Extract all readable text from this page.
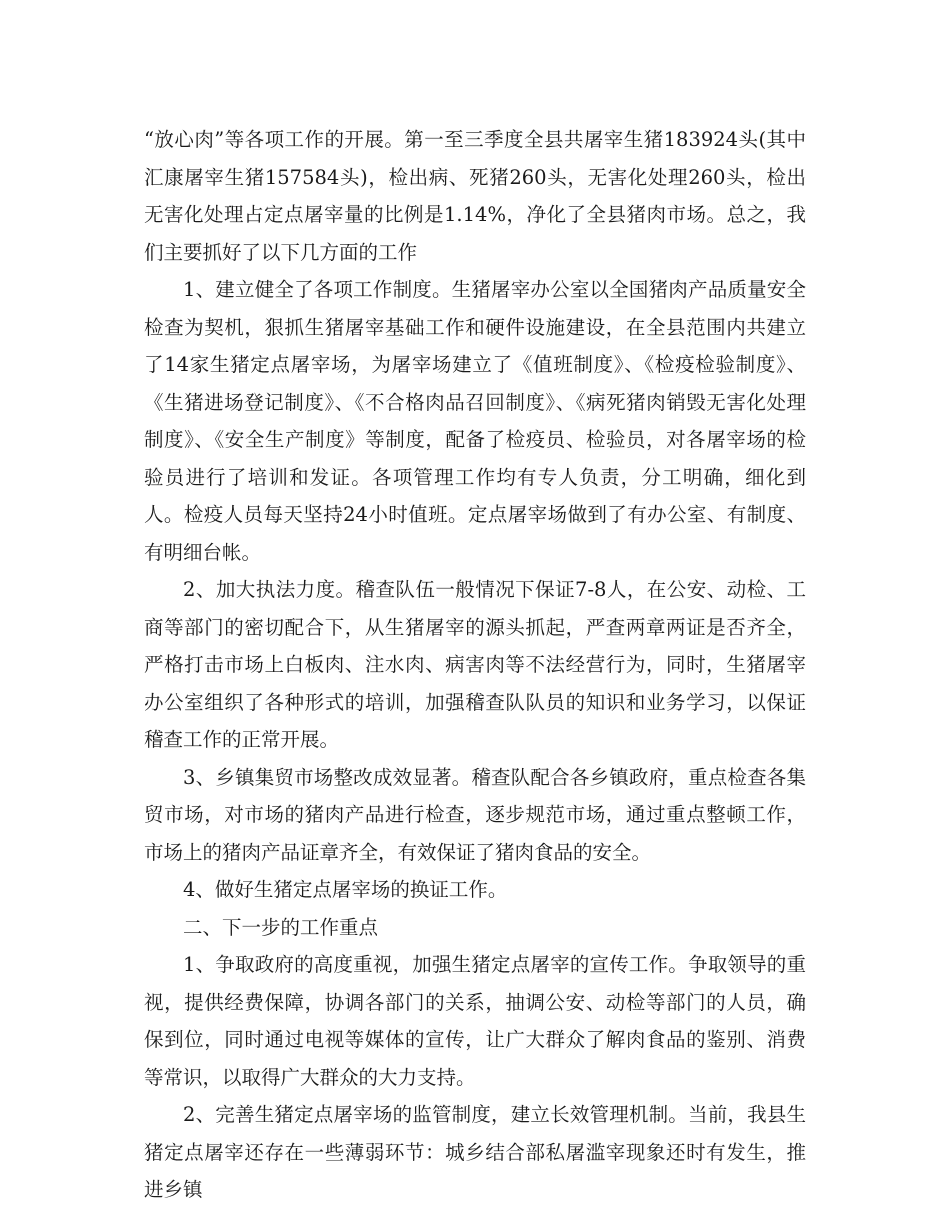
“放心肉”等各项工作的开展。第一至三季度全县共屠宰生猪183924头(其中汇康屠宰生猪157584头)，检出病、死猪260头，无害化处理260头，检出无害化处理占定点屠宰量的比例是1.14%，净化了全县猪肉市场。总之，我们主要抓好了以下几方面的工作

1、建立健全了各项工作制度。生猪屠宰办公室以全国猪肉产品质量安全检查为契机，狠抓生猪屠宰基础工作和硬件设施建设，在全县范围内共建立了14家生猪定点屠宰场，为屠宰场建立了《值班制度》、《检疫检验制度》、《生猪进场登记制度》、《不合格肉品召回制度》、《病死猪肉销毁无害化处理制度》、《安全生产制度》等制度，配备了检疫员、检验员，对各屠宰场的检验员进行了培训和发证。各项管理工作均有专人负责，分工明确，细化到人。检疫人员每天坚持24小时值班。定点屠宰场做到了有办公室、有制度、有明细台帐。

2、加大执法力度。稽查队伍一般情况下保证7-8人，在公安、动检、工商等部门的密切配合下，从生猪屠宰的源头抓起，严查两章两证是否齐全，严格打击市场上白板肉、注水肉、病害肉等不法经营行为，同时，生猪屠宰办公室组织了各种形式的培训，加强稽查队队员的知识和业务学习，以保证稽查工作的正常开展。

3、乡镇集贸市场整改成效显著。稽查队配合各乡镇政府，重点检查各集贸市场，对市场的猪肉产品进行检查，逐步规范市场，通过重点整顿工作，市场上的猪肉产品证章齐全，有效保证了猪肉食品的安全。

4、做好生猪定点屠宰场的换证工作。

二、下一步的工作重点

1、争取政府的高度重视，加强生猪定点屠宰的宣传工作。争取领导的重视，提供经费保障，协调各部门的关系，抽调公安、动检等部门的人员，确保到位，同时通过电视等媒体的宣传，让广大群众了解肉食品的鉴别、消费等常识，以取得广大群众的大力支持。

2、完善生猪定点屠宰场的监管制度，建立长效管理机制。当前，我县生猪定点屠宰还存在一些薄弱环节：城乡结合部私屠滥宰现象还时有发生，推进乡镇
